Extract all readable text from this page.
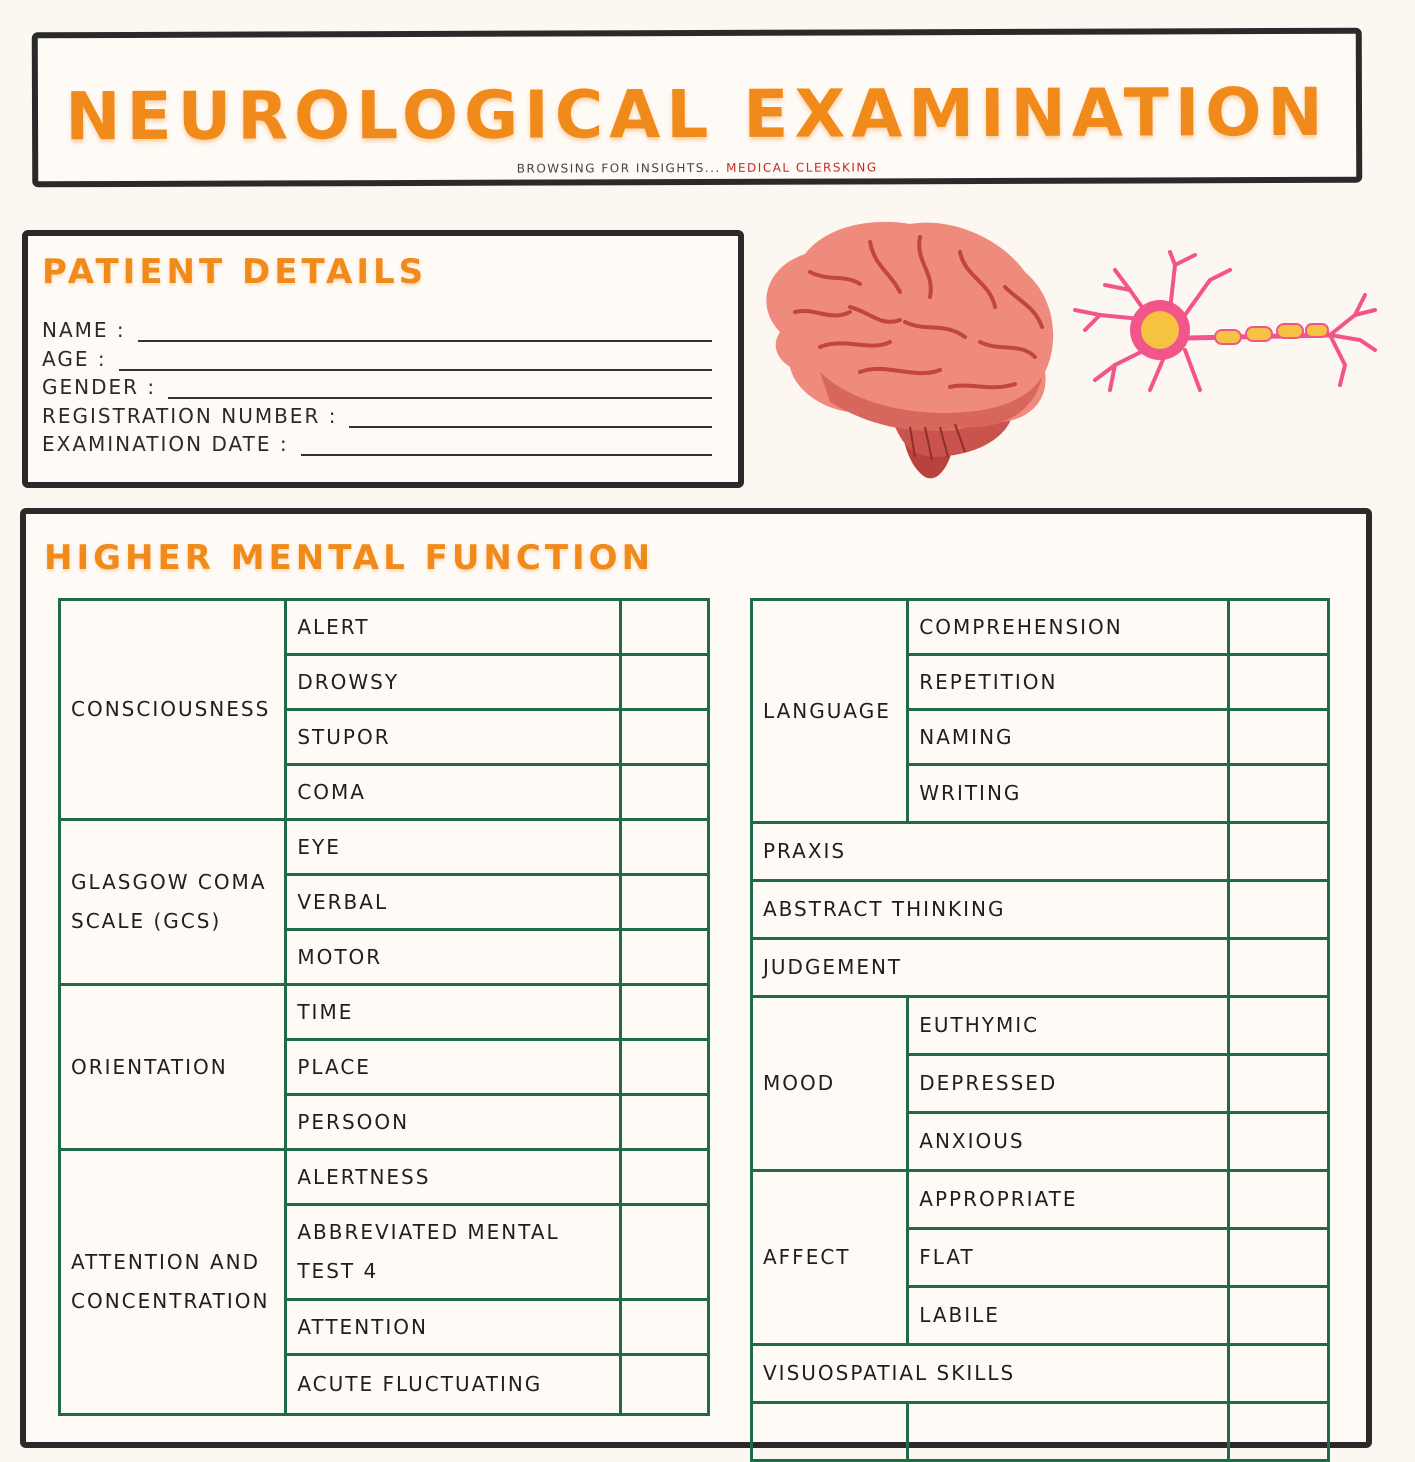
NEUROLOGICAL EXAMINATION
BROWSING FOR INSIGHTS... MEDICAL CLERSKING
PATIENT DETAILS
NAME :
AGE :
GENDER :
REGISTRATION NUMBER :
EXAMINATION DATE :
HIGHER MENTAL FUNCTION
CONSCIOUSNESS	ALERT	
	DROWSY	
	STUPOR	
	COMA	
GLASGOW COMA SCALE (GCS)	EYE	
	VERBAL	
	MOTOR	
ORIENTATION	TIME	
	PLACE	
	PERSOON	
ATTENTION AND CONCENTRATION	ALERTNESS	
	ABBREVIATED MENTAL TEST 4	
	ATTENTION	
	ACUTE FLUCTUATING	
LANGUAGE	COMPREHENSION	
	REPETITION	
	NAMING	
	WRITING	
PRAXIS		
ABSTRACT THINKING		
JUDGEMENT		
MOOD	EUTHYMIC	
	DEPRESSED	
	ANXIOUS	
AFFECT	APPROPRIATE	
	FLAT	
	LABILE	
VISUOSPATIAL SKILLS		
